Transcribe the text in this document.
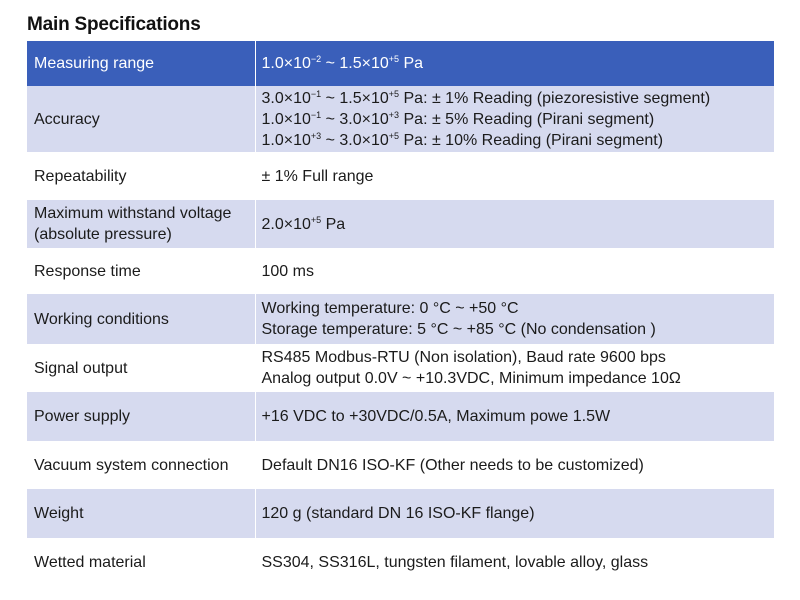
Main Specifications
Measuring range	$1.0\times 10^{-2}$ ~ $1.5\times 10^{+5}$ Pa

Accuracy	$3.0\times 10^{-1}$ ~ $1.5\times 10^{+5}$ Pa: ± 1% Reading (piezoresistive segment)
$1.0\times 10^{-1}$ ~ $3.0\times 10^{+3}$ Pa: ± 5% Reading (Pirani segment)
$1.0\times 10^{+3}$ ~ $3.0\times 10^{+5}$ Pa: ± 10% Reading (Pirani segment)

Repeatability	± 1% Full range

Maximum withstand voltage
(absolute pressure)	$2.0\times 10^{+5}$ Pa

Response time	100 ms

Working conditions	Working temperature: 0 °C ~ +50 °C
Storage temperature: 5 °C ~ +85 °C (No condensation )

Signal output	RS485 Modbus-RTU (Non isolation), Baud rate 9600 bps
Analog output 0.0V ~ +10.3VDC, Minimum impedance 10Ω

Power supply	+16 VDC to +30VDC/0.5A, Maximum powe 1.5W

Vacuum system connection	Default DN16 ISO-KF (Other needs to be customized)

Weight	120 g (standard DN 16 ISO-KF flange)

Wetted material	SS304, SS316L, tungsten filament, lovable alloy, glass
